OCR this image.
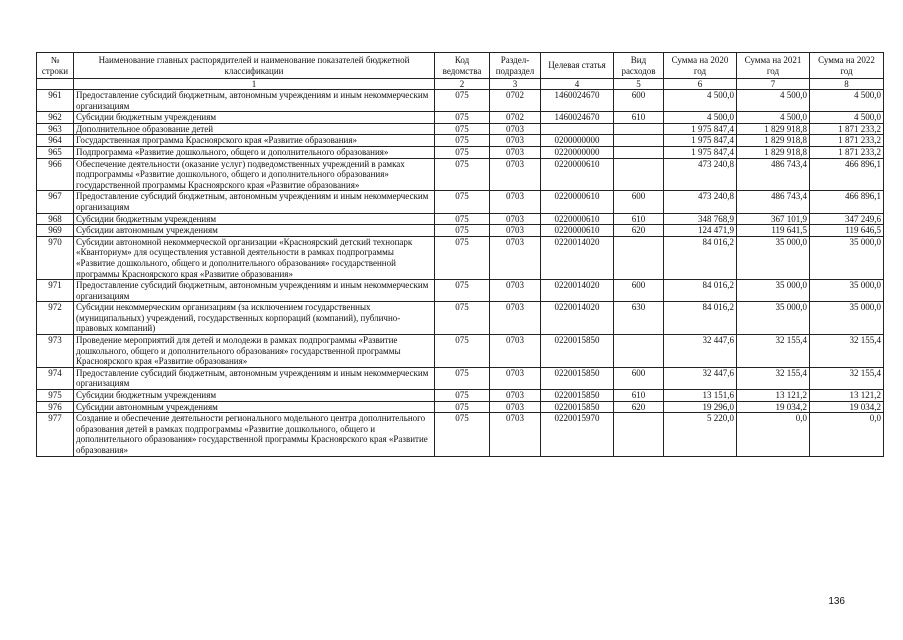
№ строки	Наименование главных распорядителей и наименование показателей бюджетной классификации	Код ведомства	Раздел-подраздел	Целевая статья	Вид расходов	Сумма на 2020 год	Сумма на 2021 год	Сумма на 2022 год
	1	2	3	4	5	6	7	8
961	Предоставление субсидий бюджетным, автономным учреждениям и иным некоммерческим организациям	075	0702	1460024670	600	4 500,0	4 500,0	4 500,0
962	Субсидии бюджетным учреждениям	075	0702	1460024670	610	4 500,0	4 500,0	4 500,0
963	Дополнительное образование детей	075	0703			1 975 847,4	1 829 918,8	1 871 233,2
964	Государственная программа Красноярского края «Развитие образования»	075	0703	0200000000		1 975 847,4	1 829 918,8	1 871 233,2
965	Подпрограмма «Развитие дошкольного, общего и дополнительного образования»	075	0703	0220000000		1 975 847,4	1 829 918,8	1 871 233,2
966	Обеспечение деятельности (оказание услуг) подведомственных учреждений в рамках подпрограммы «Развитие дошкольного, общего и дополнительного образования» государственной программы Красноярского края «Развитие образования»	075	0703	0220000610		473 240,8	486 743,4	466 896,1
967	Предоставление субсидий бюджетным, автономным учреждениям и иным некоммерческим организациям	075	0703	0220000610	600	473 240,8	486 743,4	466 896,1
968	Субсидии бюджетным учреждениям	075	0703	0220000610	610	348 768,9	367 101,9	347 249,6
969	Субсидии автономным учреждениям	075	0703	0220000610	620	124 471,9	119 641,5	119 646,5
970	Субсидии автономной некоммерческой организации «Красноярский детский технопарк «Кванториум» для осуществления уставной деятельности в рамках подпрограммы «Развитие дошкольного, общего и дополнительного образования» государственной программы Красноярского края «Развитие образования»	075	0703	0220014020		84 016,2	35 000,0	35 000,0
971	Предоставление субсидий бюджетным, автономным учреждениям и иным некоммерческим организациям	075	0703	0220014020	600	84 016,2	35 000,0	35 000,0
972	Субсидии некоммерческим организациям (за исключением государственных (муниципальных) учреждений, государственных корпораций (компаний), публично-правовых компаний)	075	0703	0220014020	630	84 016,2	35 000,0	35 000,0
973	Проведение мероприятий для детей и молодежи в рамках подпрограммы «Развитие дошкольного, общего и дополнительного образования» государственной программы Красноярского края «Развитие образования»	075	0703	0220015850		32 447,6	32 155,4	32 155,4
974	Предоставление субсидий бюджетным, автономным учреждениям и иным некоммерческим организациям	075	0703	0220015850	600	32 447,6	32 155,4	32 155,4
975	Субсидии бюджетным учреждениям	075	0703	0220015850	610	13 151,6	13 121,2	13 121,2
976	Субсидии автономным учреждениям	075	0703	0220015850	620	19 296,0	19 034,2	19 034,2
977	Создание и обеспечение деятельности регионального модельного центра дополнительного образования детей в рамках подпрограммы «Развитие дошкольного, общего и дополнительного образования» государственной программы Красноярского края «Развитие образования»	075	0703	0220015970		5 220,0	0,0	0,0
136
